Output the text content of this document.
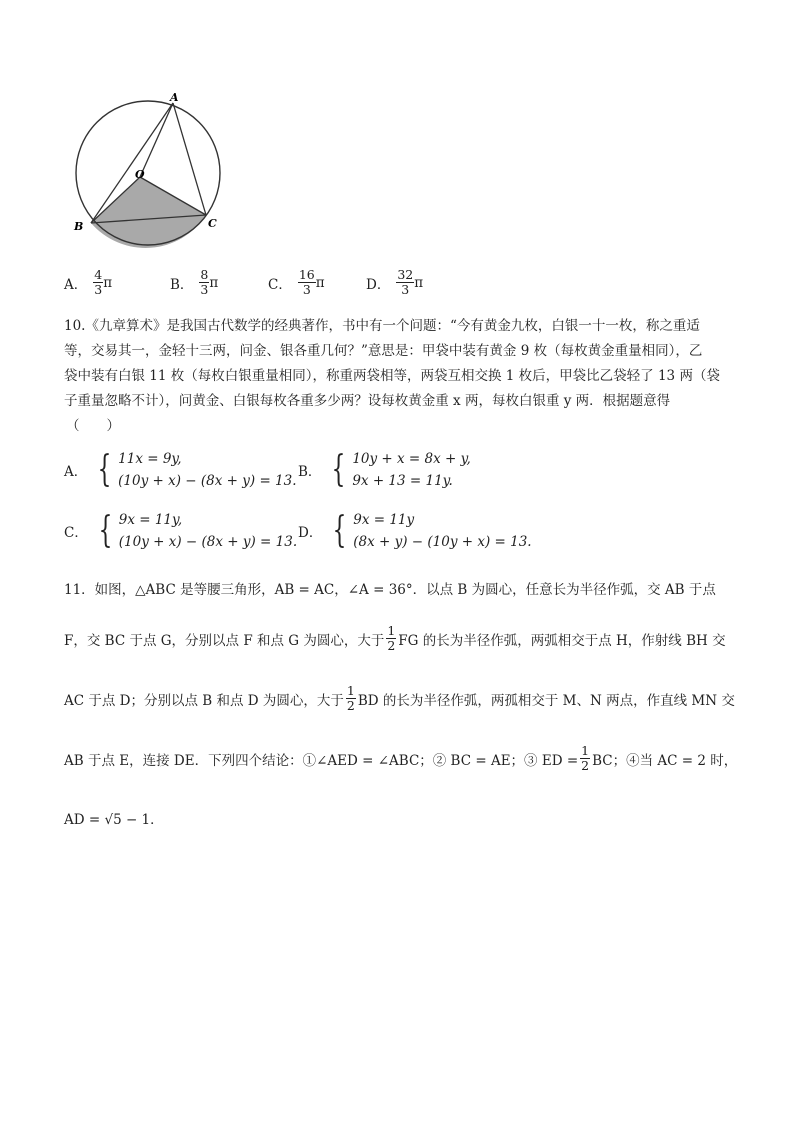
A
O
B	C
A． $\frac{4}{3}$ π	B． $\frac{8}{3}$ π	C． $\frac{16}{3}$ π	D． $\frac{32}{3}$ π
10.《九章算术》是我国古代数学的经典著作，书中有一个问题：“今有黄金九枚，白银一十一枚，称之重适
等，交易其一，金轻十三两，问金、银各重几何？”意思是：甲袋中装有黄金 9 枚（每枚黄金重量相同），乙
袋中装有白银 11 枚（每枚白银重量相同），称重两袋相等，两袋互相交换 1 枚后，甲袋比乙袋轻了 13 两（袋
子重量忽略不计），问黄金、白银每枚各重多少两？设每枚黄金重 x 两，每枚白银重 y 两．根据题意得
（　　）
A． { 11x = 9y,
(10y + x) − (8x + y) = 13.
B． { 10y + x = 8x + y,
9x + 13 = 11y.
C． { 9x = 11y,
(10y + x) − (8x + y) = 13.
D． { 9x = 11y
(8x + y) − (10y + x) = 13.
11．如图，△ABC 是等腰三角形，AB = AC，∠A = 36°．以点 B 为圆心，任意长为半径作弧，交 AB 于点
F，交 BC 于点 G，分别以点 F 和点 G 为圆心，大于 $\frac{1}{2}$ FG 的长为半径作弧，两弧相交于点 H，作射线 BH 交
AC 于点 D；分别以点 B 和点 D 为圆心，大于 $\frac{1}{2}$ BD 的长为半径作弧，两孤相交于 M、N 两点，作直线 MN 交
AB 于点 E，连接 DE．下列四个结论：①∠AED = ∠ABC；② BC = AE；③ ED = $\frac{1}{2}$ BC；④当 AC = 2 时，
AD = √5 − 1．
